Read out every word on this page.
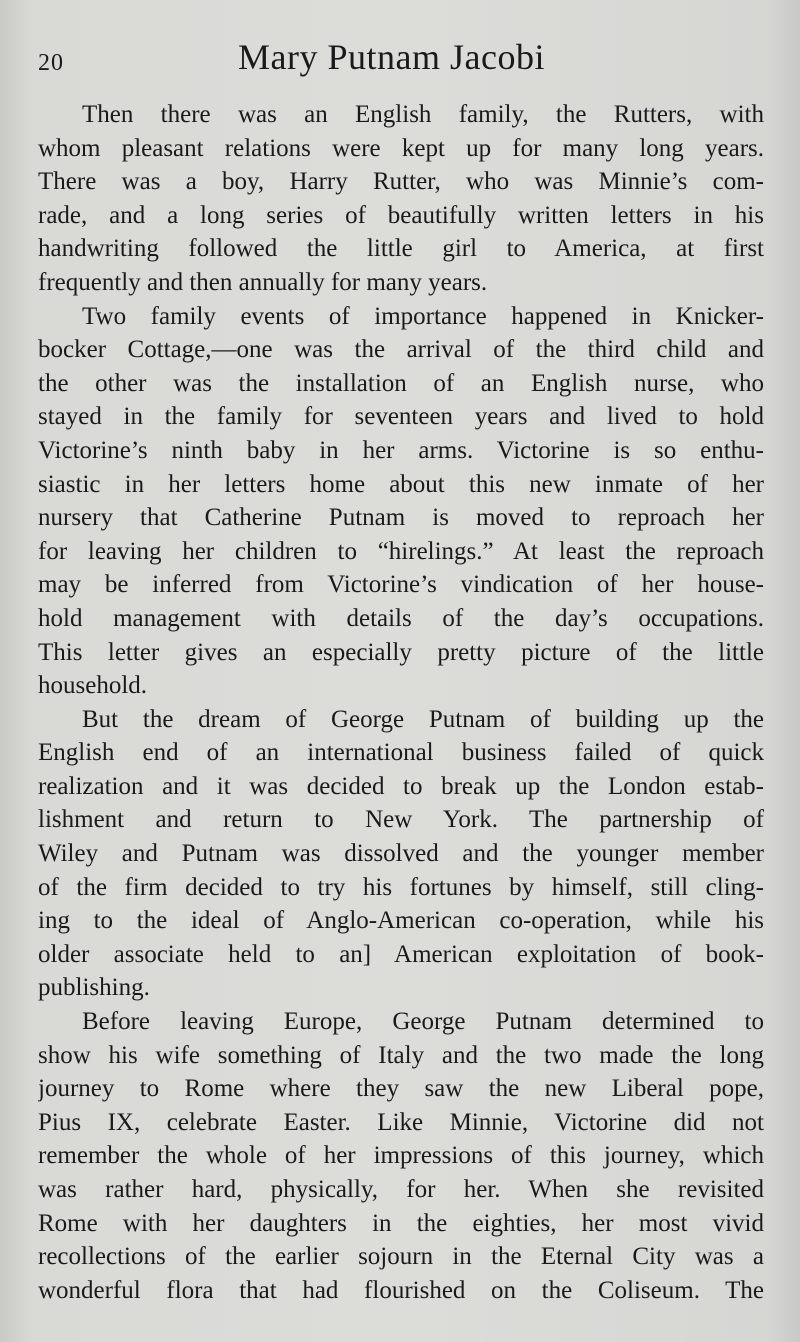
20	Mary Putnam Jacobi
Then there was an English family, the Rutters, with
whom pleasant relations were kept up for many long years.
There was a boy, Harry Rutter, who was Minnie’s com-
rade, and a long series of beautifully written letters in his
handwriting followed the little girl to America, at first
frequently and then annually for many years.
Two family events of importance happened in Knicker-
bocker Cottage,—one was the arrival of the third child and
the other was the installation of an English nurse, who
stayed in the family for seventeen years and lived to hold
Victorine’s ninth baby in her arms. Victorine is so enthu-
siastic in her letters home about this new inmate of her
nursery that Catherine Putnam is moved to reproach her
for leaving her children to “hirelings.” At least the reproach
may be inferred from Victorine’s vindication of her house-
hold management with details of the day’s occupations.
This letter gives an especially pretty picture of the little
household.
But the dream of George Putnam of building up the
English end of an international business failed of quick
realization and it was decided to break up the London estab-
lishment and return to New York. The partnership of
Wiley and Putnam was dissolved and the younger member
of the firm decided to try his fortunes by himself, still cling-
ing to the ideal of Anglo-American co-operation, while his
older associate held to an] American exploitation of book-
publishing.
Before leaving Europe, George Putnam determined to
show his wife something of Italy and the two made the long
journey to Rome where they saw the new Liberal pope,
Pius IX, celebrate Easter. Like Minnie, Victorine did not
remember the whole of her impressions of this journey, which
was rather hard, physically, for her. When she revisited
Rome with her daughters in the eighties, her most vivid
recollections of the earlier sojourn in the Eternal City was a
wonderful flora that had flourished on the Coliseum. The
